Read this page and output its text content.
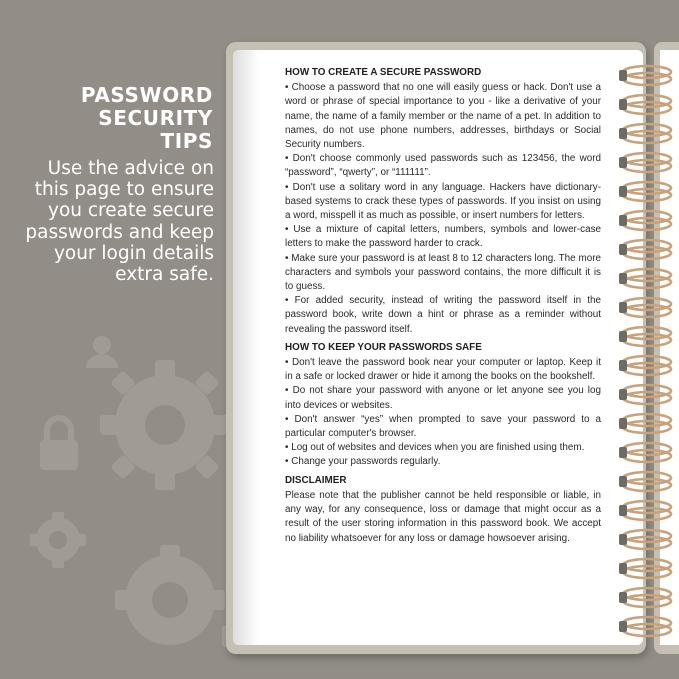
PASSWORD
SECURITY
TIPS
Use the advice on this page to ensure you create secure passwords and keep your login details extra safe.
HOW TO CREATE A SECURE PASSWORD

• Choose a password that no one will easily guess or hack. Don't use a word or phrase of special importance to you - like a derivative of your name, the name of a family member or the name of a pet. In addition to names, do not use phone numbers, addresses, birthdays or Social Security numbers.

• Don't choose commonly used passwords such as 123456, the word “password”, “qwerty”, or “111111”.

• Don't use a solitary word in any language. Hackers have dictionary-based systems to crack these types of passwords. If you insist on using a word, misspell it as much as possible, or insert numbers for letters.

• Use a mixture of capital letters, numbers, symbols and lower-case letters to make the password harder to crack.

• Make sure your password is at least 8 to 12 characters long. The more characters and symbols your password contains, the more difficult it is to guess.

• For added security, instead of writing the password itself in the password book, write down a hint or phrase as a reminder without revealing the password itself.

HOW TO KEEP YOUR PASSWORDS SAFE

• Don't leave the password book near your computer or laptop. Keep it in a safe or locked drawer or hide it among the books on the bookshelf.

• Do not share your password with anyone or let anyone see you log into devices or websites.

• Don't answer “yes” when prompted to save your password to a particular computer's browser.

• Log out of websites and devices when you are finished using them.

• Change your passwords regularly.

DISCLAIMER

Please note that the publisher cannot be held responsible or liable, in any way, for any consequence, loss or damage that might occur as a result of the user storing information in this password book. We accept no liability whatsoever for any loss or damage howsoever arising.
